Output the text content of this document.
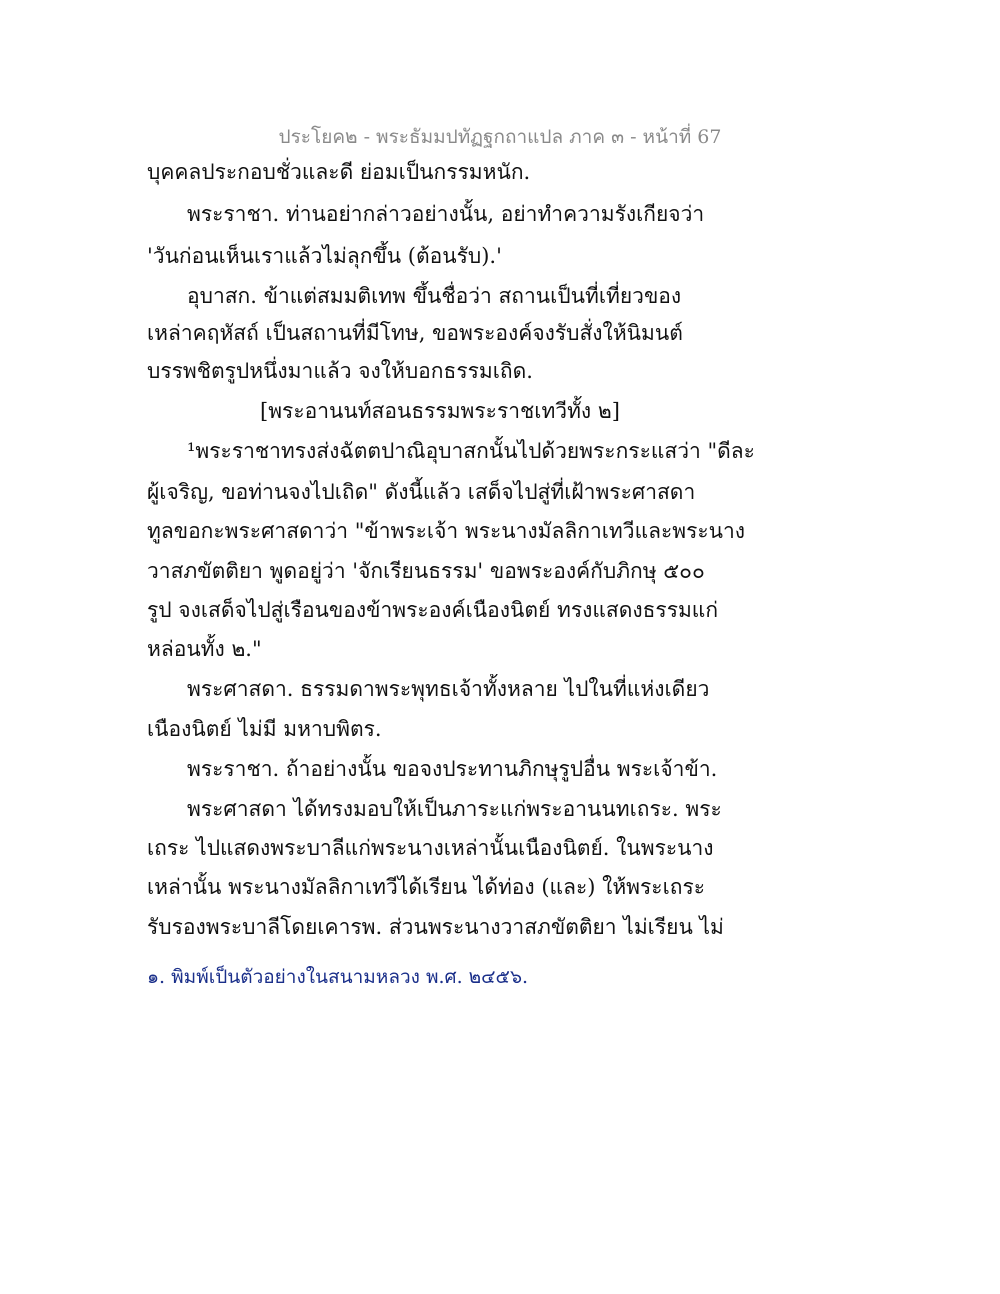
ประโยค๒ - พระธัมมปทัฏฐกถาแปล ภาค ๓ - หน้าที่ 67
บุคคลประกอบชั่วและดี ย่อมเป็นกรรมหนัก.
พระราชา. ท่านอย่ากล่าวอย่างนั้น, อย่าทำความรังเกียจว่า
'วันก่อนเห็นเราแล้วไม่ลุกขึ้น (ต้อนรับ).'
อุบาสก. ข้าแต่สมมติเทพ ขึ้นชื่อว่า สถานเป็นที่เที่ยวของ
เหล่าคฤหัสถ์ เป็นสถานที่มีโทษ, ขอพระองค์จงรับสั่งให้นิมนต์
บรรพชิตรูปหนึ่งมาแล้ว จงให้บอกธรรมเถิด.
[พระอานนท์สอนธรรมพระราชเทวีทั้ง ๒]
¹พระราชาทรงส่งฉัตตปาณิอุบาสกนั้นไปด้วยพระกระแสว่า "ดีละ
ผู้เจริญ, ขอท่านจงไปเถิด" ดังนี้แล้ว เสด็จไปสู่ที่เฝ้าพระศาสดา
ทูลขอกะพระศาสดาว่า "ข้าพระเจ้า พระนางมัลลิกาเทวีและพระนาง
วาสภขัตติยา พูดอยู่ว่า 'จักเรียนธรรม' ขอพระองค์กับภิกษุ ๕๐๐
รูป จงเสด็จไปสู่เรือนของข้าพระองค์เนืองนิตย์ ทรงแสดงธรรมแก่
หล่อนทั้ง ๒."
พระศาสดา. ธรรมดาพระพุทธเจ้าทั้งหลาย ไปในที่แห่งเดียว
เนืองนิตย์ ไม่มี มหาบพิตร.
พระราชา. ถ้าอย่างนั้น ขอจงประทานภิกษุรูปอื่น พระเจ้าข้า.
พระศาสดา ได้ทรงมอบให้เป็นภาระแก่พระอานนทเถระ. พระ
เถระ ไปแสดงพระบาลีแก่พระนางเหล่านั้นเนืองนิตย์. ในพระนาง
เหล่านั้น พระนางมัลลิกาเทวีได้เรียน ได้ท่อง (และ) ให้พระเถระ
รับรองพระบาลีโดยเคารพ. ส่วนพระนางวาสภขัตติยา ไม่เรียน ไม่
๑. พิมพ์เป็นตัวอย่างในสนามหลวง พ.ศ. ๒๔๕๖.
